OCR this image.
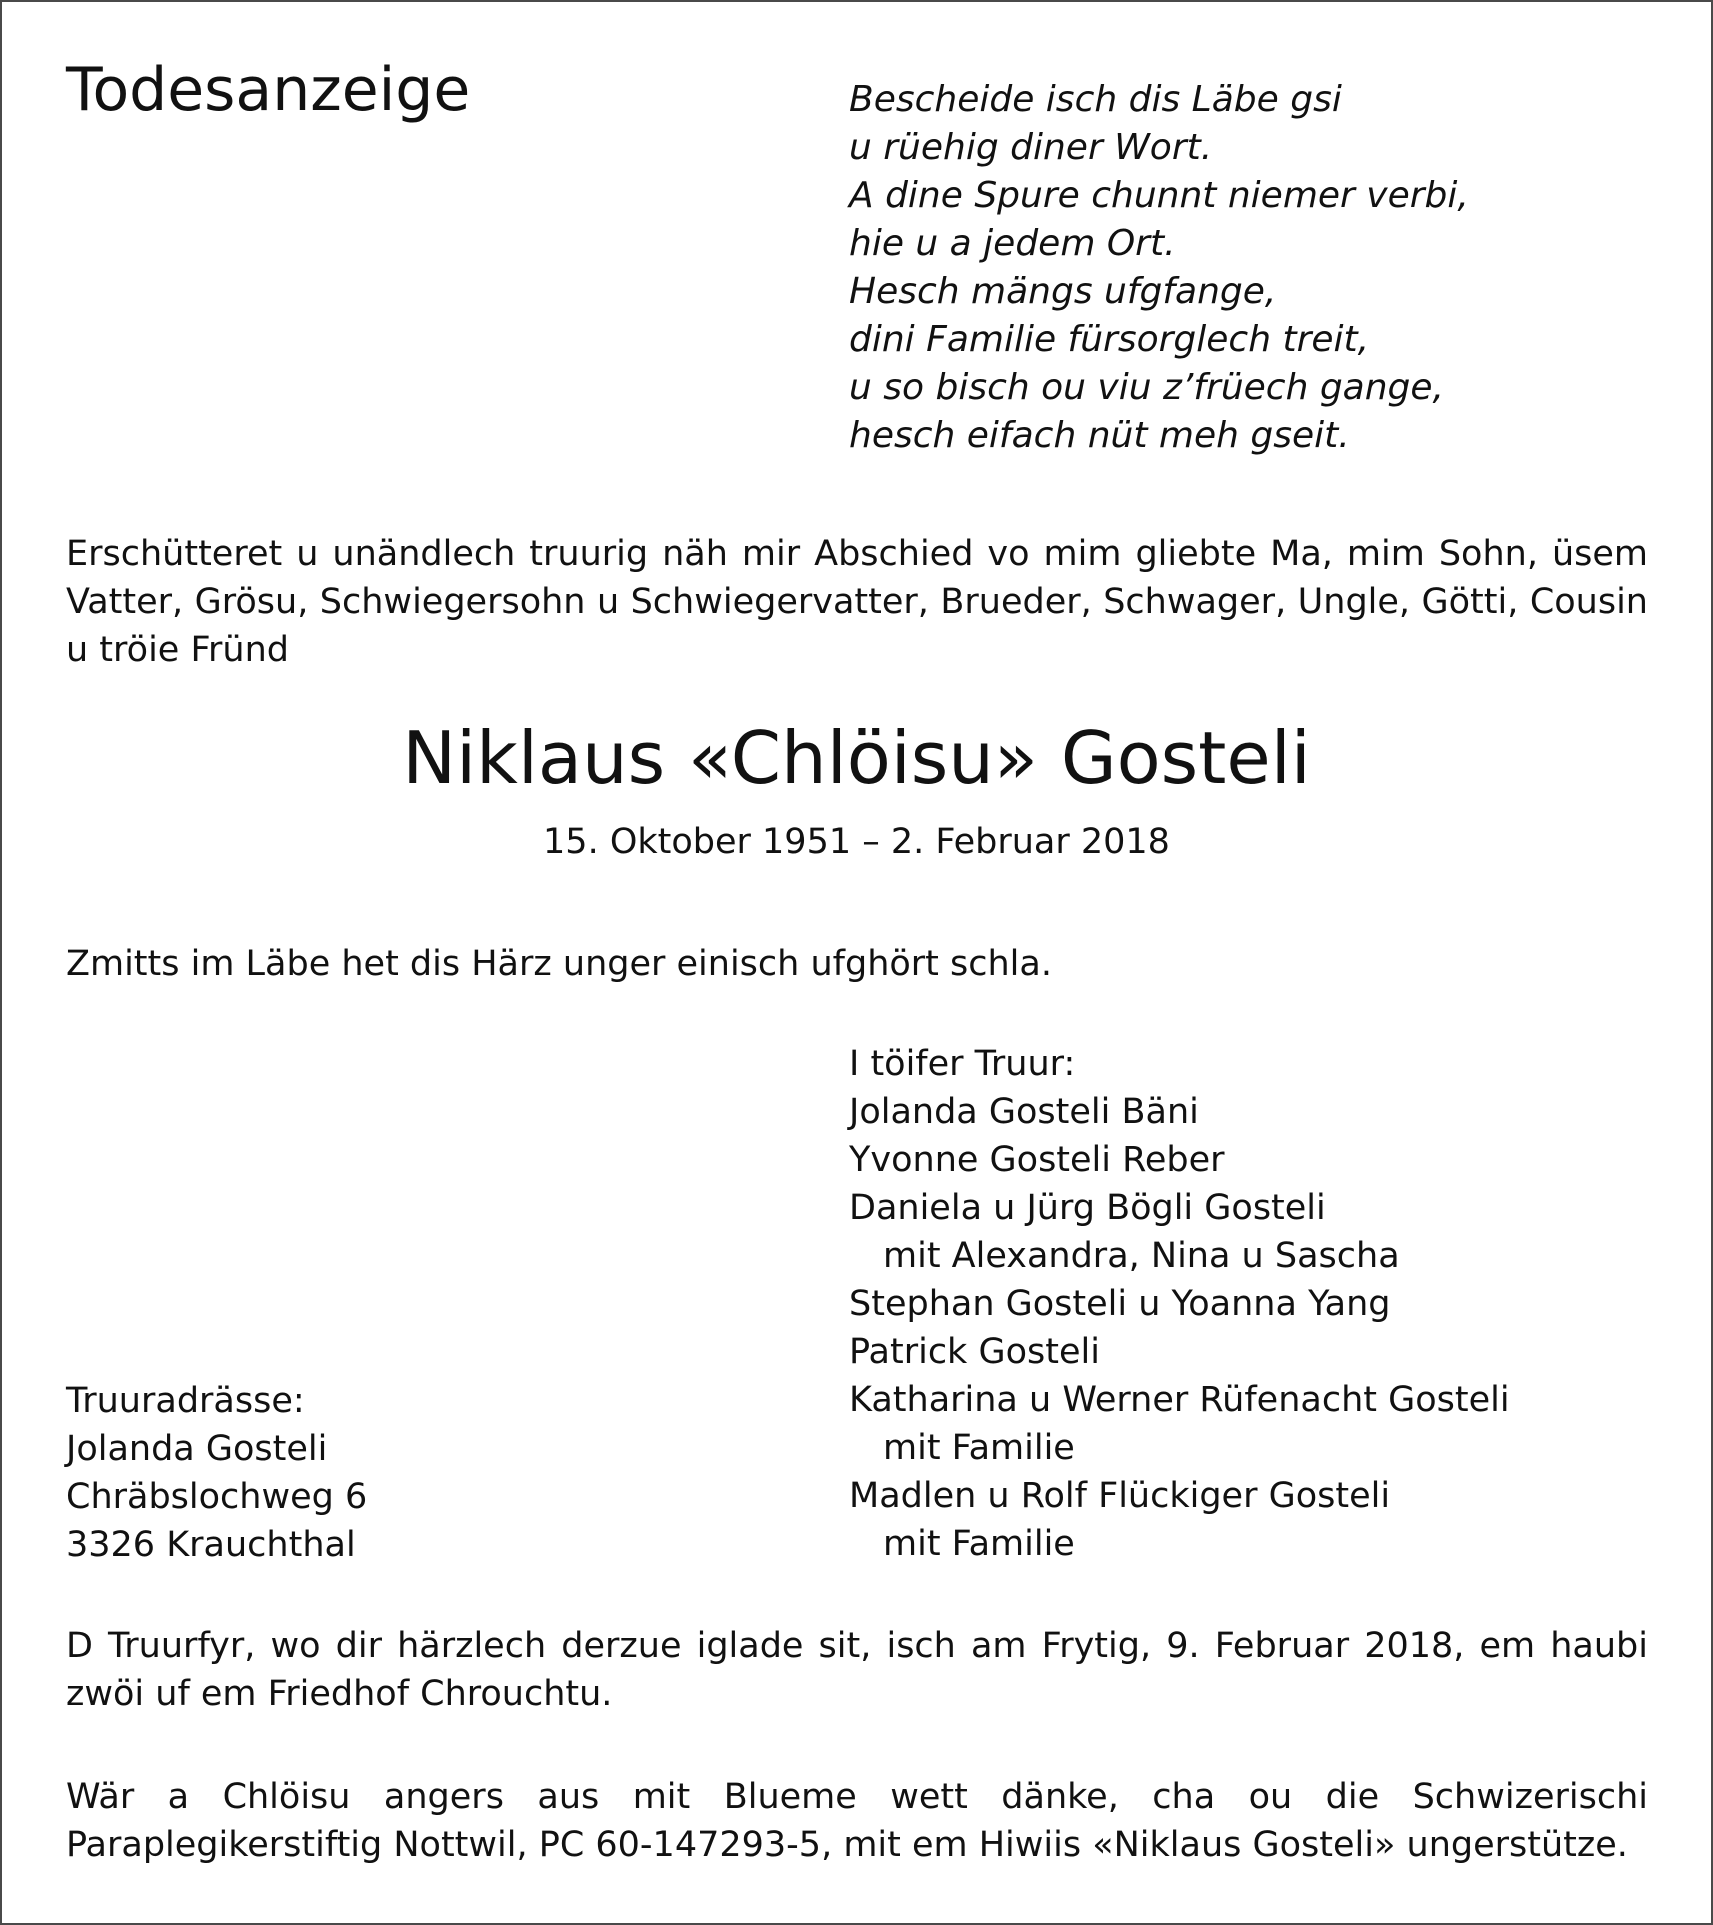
Todesanzeige	Bescheide isch dis Läbe gsi
u rüehig diner Wort.
A dine Spure chunnt niemer verbi,
hie u a jedem Ort.
Hesch mängs ufgfange,
dini Familie fürsorglech treit,
u so bisch ou viu z’früech gange,
hesch eifach nüt meh gseit.

Erschütteret u unändlech truurig näh mir Abschied vo mim gliebte Ma, mim Sohn, üsem Vatter, Grösu, Schwiegersohn u Schwiegervatter, Brueder, Schwager, Ungle, Götti, Cousin u tröie Fründ

Niklaus «Chlöisu» Gosteli

15. Oktober 1951 – 2. Februar 2018

Zmitts im Läbe het dis Härz unger einisch ufghört schla.

I töifer Truur:
Jolanda Gosteli Bäni
Yvonne Gosteli Reber
Daniela u Jürg Bögli Gosteli
mit Alexandra, Nina u Sascha
Stephan Gosteli u Yoanna Yang
Patrick Gosteli
Katharina u Werner Rüfenacht Gosteli
mit Familie
Madlen u Rolf Flückiger Gosteli
mit Familie
Truuradrässe:
Jolanda Gosteli
Chräbslochweg 6
3326 Krauchthal

D Truurfyr, wo dir härzlech derzue iglade sit, isch am Frytig, 9. Februar 2018, em haubi zwöi uf em Friedhof Chrouchtu.

Wär a Chlöisu angers aus mit Blueme wett dänke, cha ou die Schwizerischi Paraplegikerstiftig Nottwil, PC 60-147293-5, mit em Hiwiis «Niklaus Gosteli» ungerstütze.
